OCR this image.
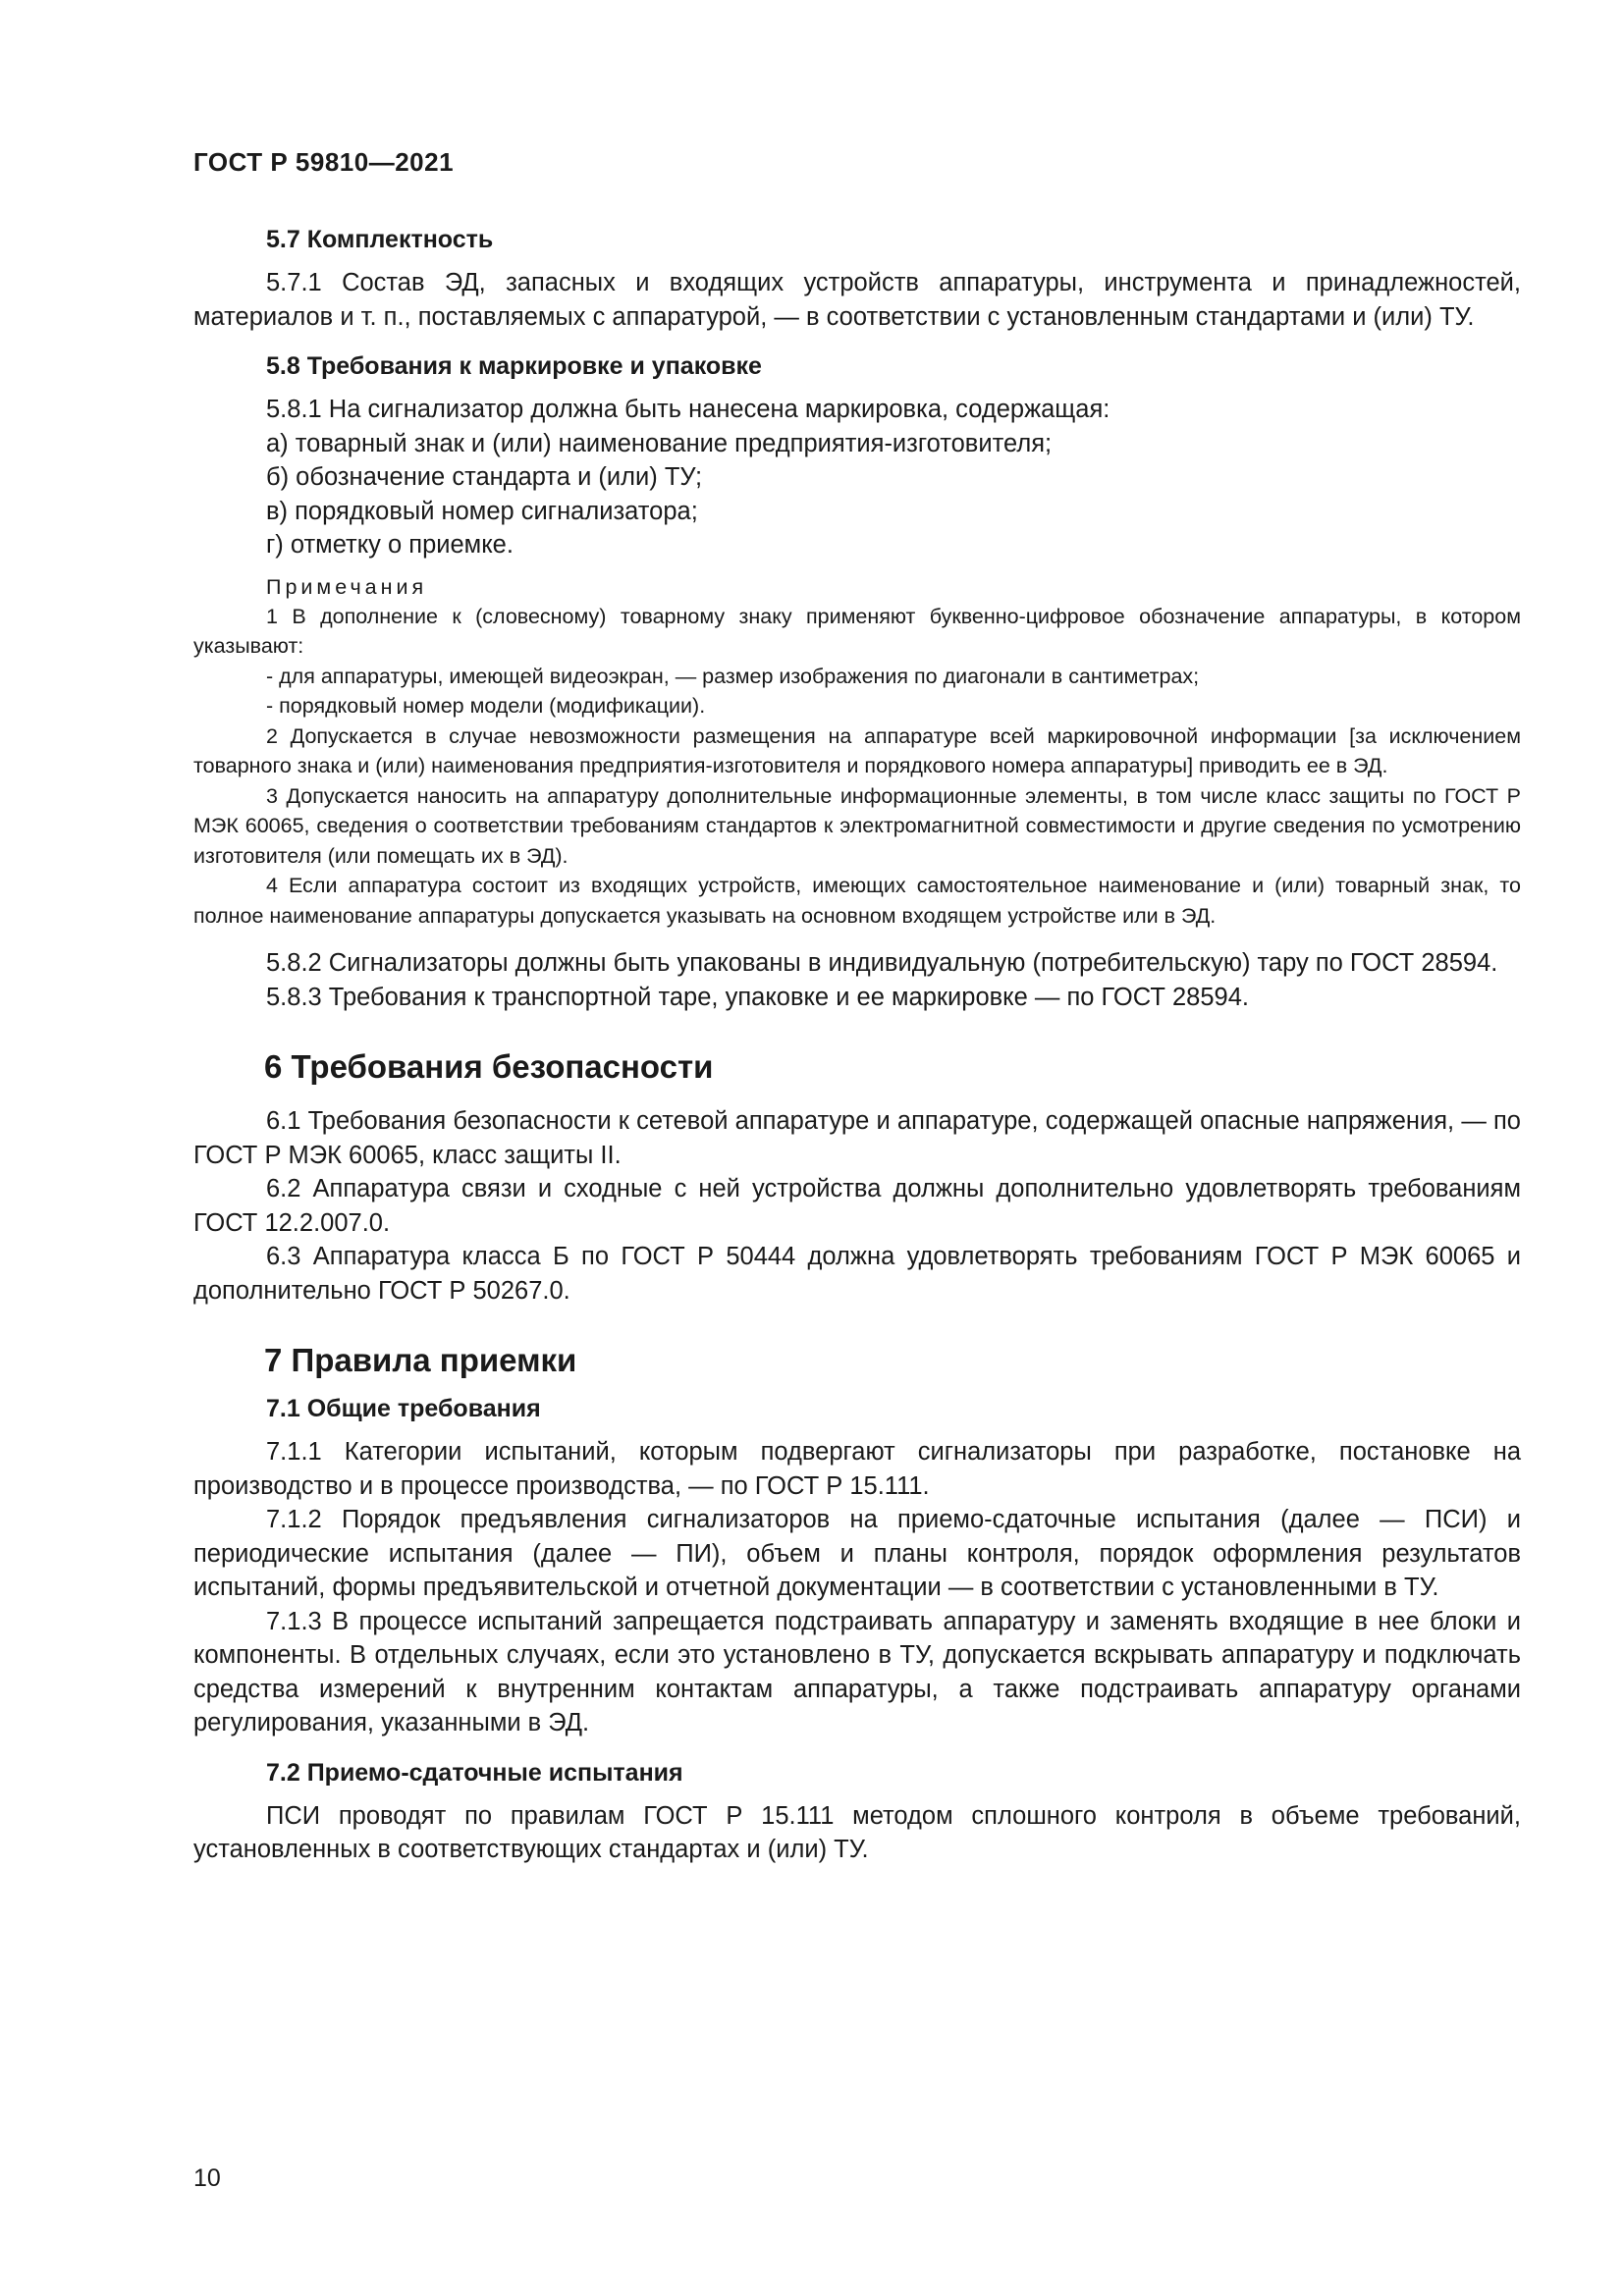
ГОСТ Р 59810—2021
5.7 Комплектность

5.7.1 Состав ЭД, запасных и входящих устройств аппаратуры, инструмента и принадлежностей, материалов и т. п., поставляемых с аппаратурой, — в соответствии с установленным стандартами и (или) ТУ.

5.8 Требования к маркировке и упаковке

5.8.1 На сигнализатор должна быть нанесена маркировка, содержащая:

а) товарный знак и (или) наименование предприятия-изготовителя;

б) обозначение стандарта и (или) ТУ;

в) порядковый номер сигнализатора;

г) отметку о приемке.

Примечания

1 В дополнение к (словесному) товарному знаку применяют буквенно-цифровое обозначение аппаратуры, в котором указывают:

- для аппаратуры, имеющей видеоэкран, — размер изображения по диагонали в сантиметрах;

- порядковый номер модели (модификации).

2 Допускается в случае невозможности размещения на аппаратуре всей маркировочной информации [за исключением товарного знака и (или) наименования предприятия-изготовителя и порядкового номера аппаратуры] приводить ее в ЭД.

3 Допускается наносить на аппаратуру дополнительные информационные элементы, в том числе класс защиты по ГОСТ Р МЭК 60065, сведения о соответствии требованиям стандартов к электромагнитной совместимости и другие сведения по усмотрению изготовителя (или помещать их в ЭД).

4 Если аппаратура состоит из входящих устройств, имеющих самостоятельное наименование и (или) товарный знак, то полное наименование аппаратуры допускается указывать на основном входящем устройстве или в ЭД.

5.8.2 Сигнализаторы должны быть упакованы в индивидуальную (потребительскую) тару по ГОСТ 28594.

5.8.3 Требования к транспортной таре, упаковке и ее маркировке — по ГОСТ 28594.

6 Требования безопасности

6.1 Требования безопасности к сетевой аппаратуре и аппаратуре, содержащей опасные напряжения, — по ГОСТ Р МЭК 60065, класс защиты II.

6.2 Аппаратура связи и сходные с ней устройства должны дополнительно удовлетворять требованиям ГОСТ 12.2.007.0.

6.3 Аппаратура класса Б по ГОСТ Р 50444 должна удовлетворять требованиям ГОСТ Р МЭК 60065 и дополнительно ГОСТ Р 50267.0.

7 Правила приемки
7.1 Общие требования

7.1.1 Категории испытаний, которым подвергают сигнализаторы при разработке, постановке на производство и в процессе производства, — по ГОСТ Р 15.111.

7.1.2 Порядок предъявления сигнализаторов на приемо-сдаточные испытания (далее — ПСИ) и периодические испытания (далее — ПИ), объем и планы контроля, порядок оформления результатов испытаний, формы предъявительской и отчетной документации — в соответствии с установленными в ТУ.

7.1.3 В процессе испытаний запрещается подстраивать аппаратуру и заменять входящие в нее блоки и компоненты. В отдельных случаях, если это установлено в ТУ, допускается вскрывать аппаратуру и подключать средства измерений к внутренним контактам аппаратуры, а также подстраивать аппаратуру органами регулирования, указанными в ЭД.

7.2 Приемо-сдаточные испытания

ПСИ проводят по правилам ГОСТ Р 15.111 методом сплошного контроля в объеме требований, установленных в соответствующих стандартах и (или) ТУ.

10
